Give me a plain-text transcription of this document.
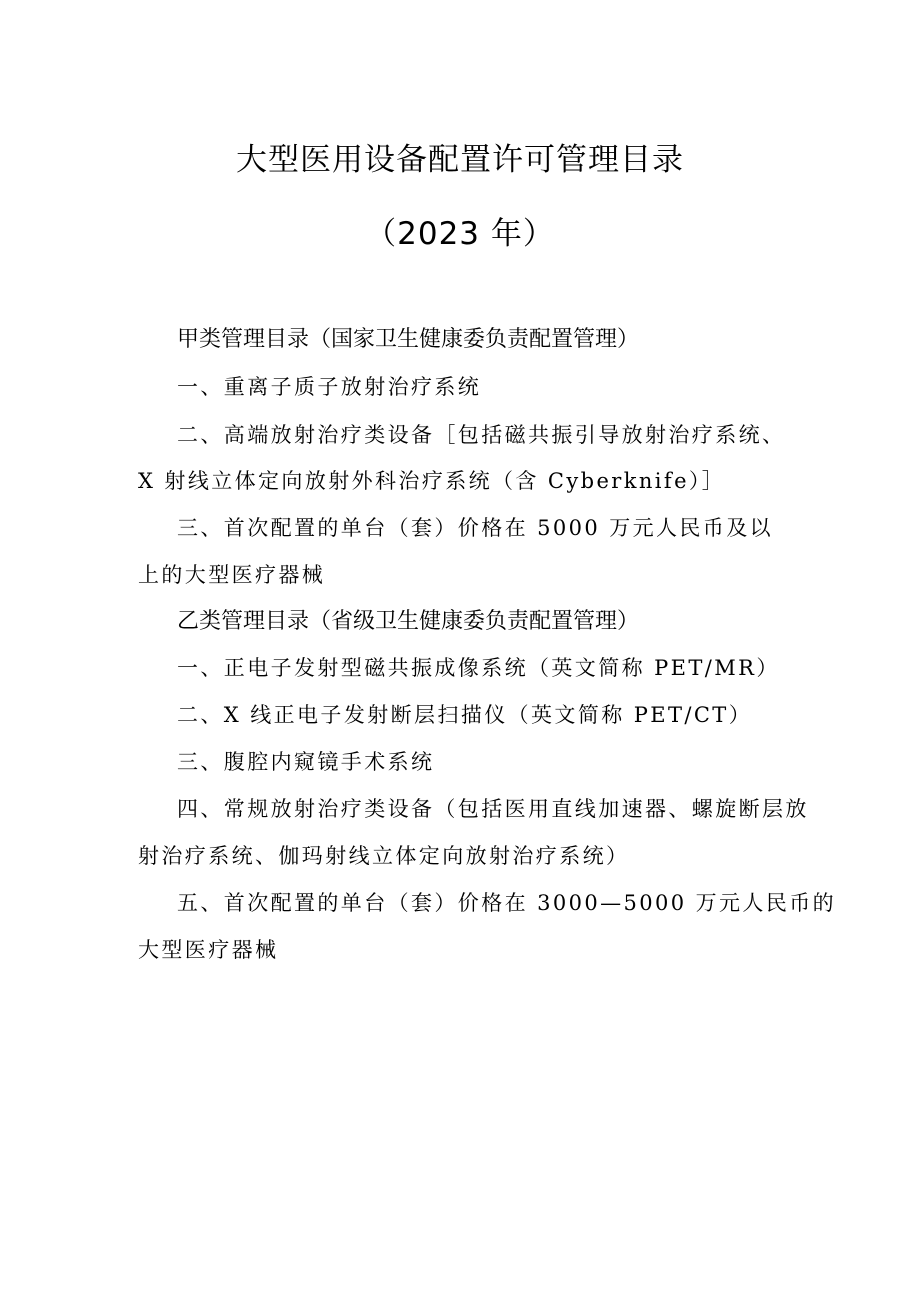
大型医用设备配置许可管理目录
（2023 年）
甲类管理目录（国家卫生健康委负责配置管理）
一、重离子质子放射治疗系统
二、高端放射治疗类设备［包括磁共振引导放射治疗系统、
X 射线立体定向放射外科治疗系统（含 Cyberknife）］
三、首次配置的单台（套）价格在 5000 万元人民币及以
上的大型医疗器械
乙类管理目录（省级卫生健康委负责配置管理）
一、正电子发射型磁共振成像系统（英文简称 PET/MR）
二、X 线正电子发射断层扫描仪（英文简称 PET/CT）
三、腹腔内窥镜手术系统
四、常规放射治疗类设备（包括医用直线加速器、螺旋断层放
射治疗系统、伽玛射线立体定向放射治疗系统）
五、首次配置的单台（套）价格在 3000—5000 万元人民币的
大型医疗器械
